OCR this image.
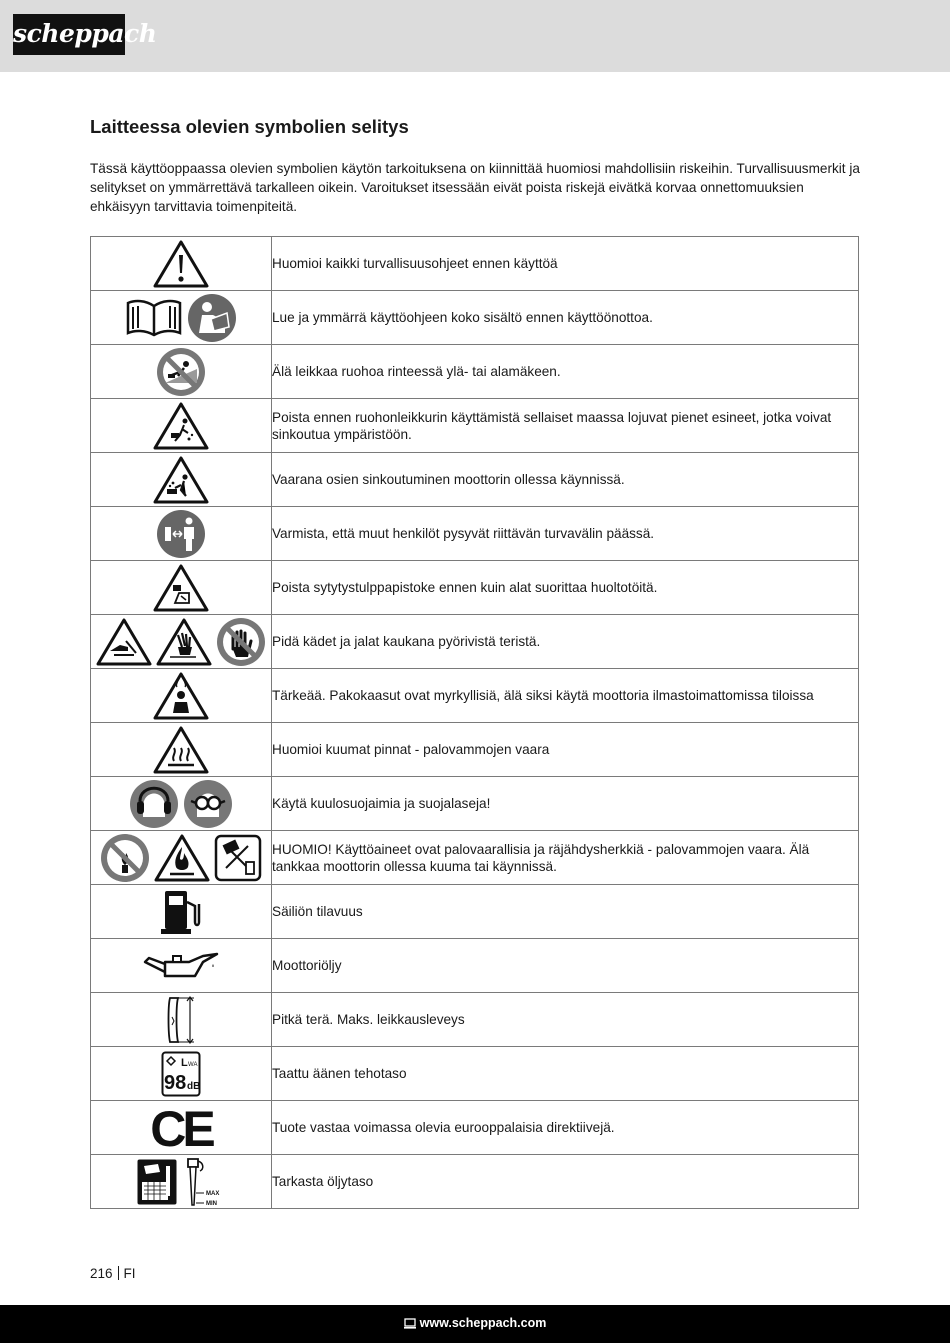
scheppach
Laitteessa olevien symbolien selitys

Tässä käyttöoppaassa olevien symbolien käytön tarkoituksena on kiinnittää huomiosi mahdollisiin riskeihin. Turvallisuusmerkit ja selitykset on ymmärrettävä tarkalleen oikein. Varoitukset itsessään eivät poista riskejä eivätkä korvaa onnettomuuksien ehkäisyyn tarvittavia toimenpiteitä.

	Huomioi kaikki turvallisuusohjeet ennen käyttöä

	Lue ja ymmärrä käyttöohjeen koko sisältö ennen käyttöönottoa.

	Älä leikkaa ruohoa rinteessä ylä- tai alamäkeen.

	Poista ennen ruohonleikkurin käyttämistä sellaiset maassa lojuvat pienet esineet, jotka voivat sinkoutua ympäristöön.

	Vaarana osien sinkoutuminen moottorin ollessa käynnissä.

	Varmista, että muut henkilöt pysyvät riittävän turvavälin päässä.

	Poista sytytystulppapistoke ennen kuin alat suorittaa huoltotöitä.

	Pidä kädet ja jalat kaukana pyörivistä teristä.

	Tärkeää. Pakokaasut ovat myrkyllisiä, älä siksi käytä moottoria ilmastoimattomissa tiloissa

	Huomioi kuumat pinnat - palovammojen vaara

	Käytä kuulosuojaimia ja suojalaseja!

	HUOMIO! Käyttöaineet ovat palovaarallisia ja räjähdysherkkiä - palovammojen vaara. Älä tankkaa moottorin ollessa kuuma tai käynnissä.

	Säiliön tilavuus

	Moottoriöljy

	Pitkä terä. Maks. leikkausleveys

L WA
98 dB	Taattu äänen tehotaso

CE	Tuote vastaa voimassa olevia eurooppalaisia direktiivejä.

MAX
MIN	Tarkasta öljytaso
216 FI
www.scheppach.com
